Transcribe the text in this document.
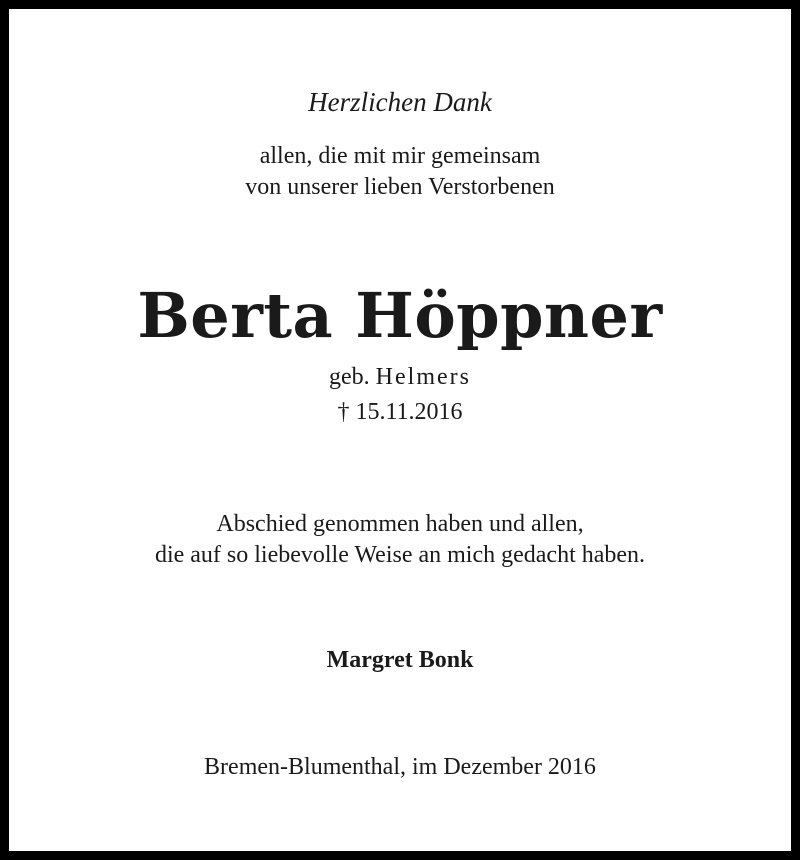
Herzlichen Dank
allen, die mit mir gemeinsam
von unserer lieben Verstorbenen
Berta Höppner
geb. Helmers
† 15.11.2016
Abschied genommen haben und allen,
die auf so liebevolle Weise an mich gedacht haben.
Margret Bonk
Bremen-Blumenthal, im Dezember 2016
